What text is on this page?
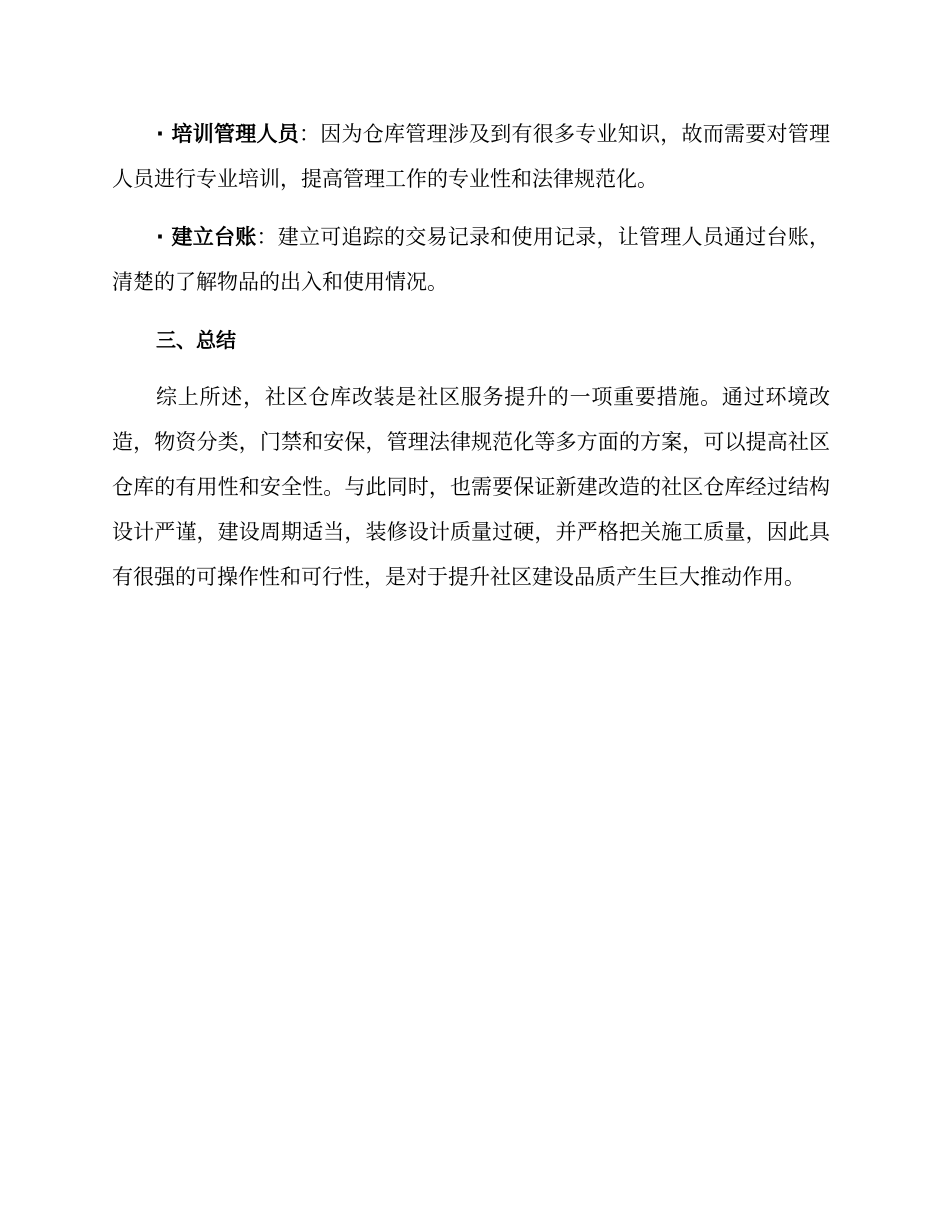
· 培训管理人员：因为仓库管理涉及到有很多专业知识，故而需要对管理人员进行专业培训，提高管理工作的专业性和法律规范化。

· 建立台账：建立可追踪的交易记录和使用记录，让管理人员通过台账，清楚的了解物品的出入和使用情况。

三、总结

综上所述，社区仓库改装是社区服务提升的一项重要措施。通过环境改造，物资分类，门禁和安保，管理法律规范化等多方面的方案，可以提高社区仓库的有用性和安全性。与此同时，也需要保证新建改造的社区仓库经过结构设计严谨，建设周期适当，装修设计质量过硬，并严格把关施工质量，因此具有很强的可操作性和可行性，是对于提升社区建设品质产生巨大推动作用。
